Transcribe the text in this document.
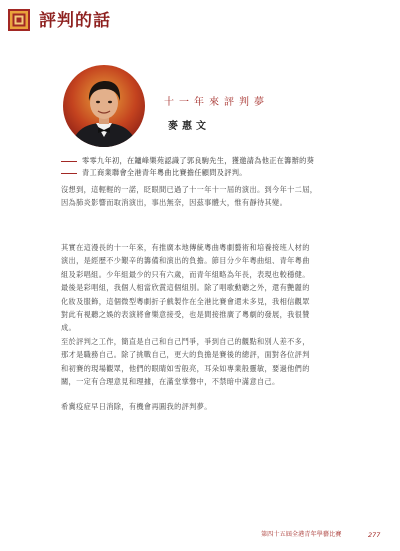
評判的話
十一年來評判夢
麥惠文
零零九年初，在鑪峰樂苑認識了郭良駒先生，獲邀請為他正在籌辦的葵
青工商業聯會全港青年粵曲比賽擔任顧問及評判。
沒想到，這輕輕的一諾，眨眼間已過了十一年十一屆的演出。到今年十二屆，
因為肺炎影響而取消演出，事出無奈，因茲事體大，惟有靜待其變。
其實在這漫長的十一年來，有推廣本地傳統粵曲粵劇藝術和培養接班人材的
演出，是經歷不少艱辛的籌備和演出的負擔。節目分少年粵曲組、青年粵曲
組及彩唱組。少年組最少的只有六歲，而青年組略為年長，表現也較穩健。
最後是彩唱組，我個人相當欣賞這個組別。除了唱歌動聽之外，還有艷麗的
化妝及服飾，這個微型粵劇折子戲製作在全港比賽會還未多見，我相信觀眾
對此有視聽之娛的表演將會樂意接受，也是間接推廣了粵劇的發展，我很贊
成。
至於評判之工作，簡直是自己和自己鬥爭，爭到自己的觀點和別人差不多，
那才是職務自己。除了挑戰自己，更大的負擔是賽後的總評，面對各位評判
和初賽的現場觀眾，他們的眼睛如雪般亮，耳朵如專業般靈敏，要過他們的
關，一定有合理意見和理據，在滿堂掌聲中，不禁暗中滿意自己。
希冀疫症早日消除，有機會再圓我的評判夢。
第四十五屆全港青年學藝比賽	277
